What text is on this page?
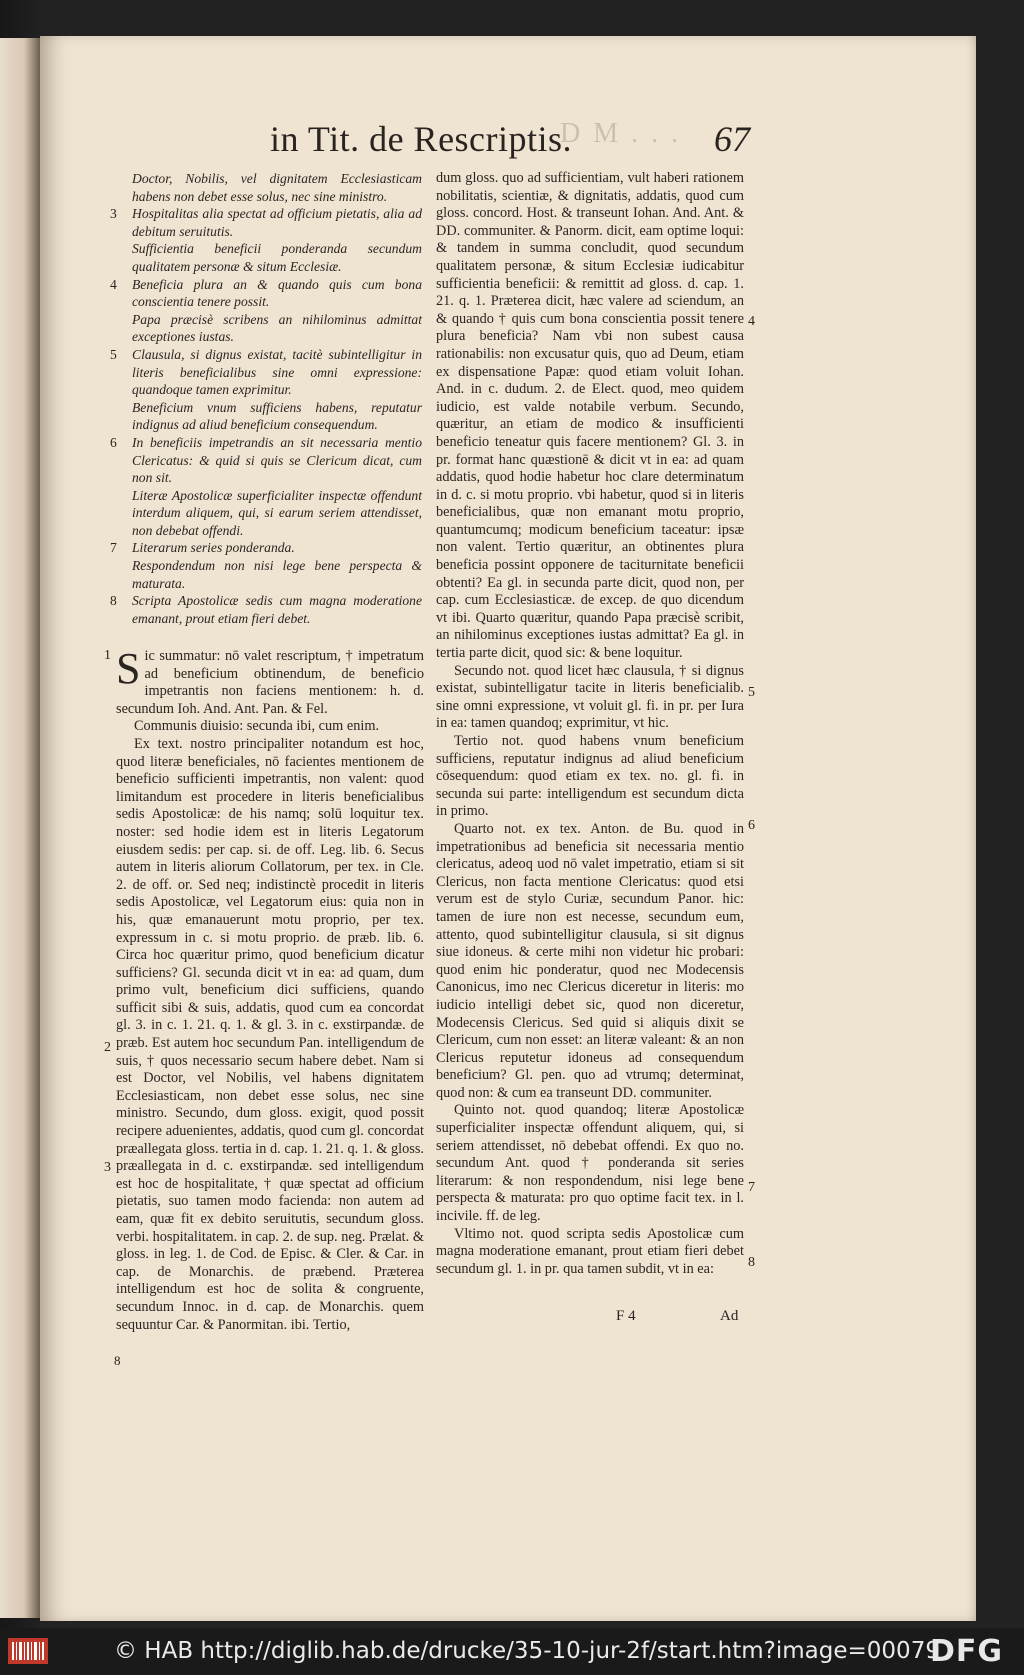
D M . . .
in Tit. de Rescriptis.	67

Doctor, Nobilis, vel dignitatem Ecclesiasticam habens non debet esse solus, nec sine ministro.

3 Hospitalitas alia spectat ad officium pietatis, alia ad debitum seruitutis.

Sufficientia beneficii ponderanda secundum qualitatem personæ & situm Ecclesiæ.

4 Beneficia plura an & quando quis cum bona conscientia tenere possit.

Papa præcisè scribens an nihilominus admittat exceptiones iustas.

5 Clausula, si dignus existat, tacitè subintelligitur in literis beneficialibus sine omni expressione: quandoque tamen exprimitur.

Beneficium vnum sufficiens habens, reputatur indignus ad aliud beneficium consequendum.

6 In beneficiis impetrandis an sit necessaria mentio Clericatus: & quid si quis se Clericum dicat, cum non sit.

Literæ Apostolicæ superficialiter inspectæ offendunt interdum aliquem, qui, si earum seriem attendisset, non debebat offendi.

7 Literarum series ponderanda.

Respondendum non nisi lege bene perspecta & maturata.

8 Scripta Apostolicæ sedis cum magna moderatione emanant, prout etiam fieri debet.

Sic summatur: nō valet rescriptum, † impetratum ad beneficium obtinendum, de beneficio impetrantis non faciens mentionem: h. d. secundum Ioh. And. Ant. Pan. & Fel.

Communis diuisio: secunda ibi, cum enim.

Ex text. nostro principaliter notandum est hoc, quod literæ beneficiales, nō facientes mentionem de beneficio sufficienti impetrantis, non valent: quod limitandum est procedere in literis beneficialibus sedis Apostolicæ: de his namq; solū loquitur tex. noster: sed hodie idem est in literis Legatorum eiusdem sedis: per cap. si. de off. Leg. lib. 6. Secus autem in literis aliorum Collatorum, per tex. in Cle. 2. de off. or. Sed neq; indistinctè procedit in literis sedis Apostolicæ, vel Legatorum eius: quia non in his, quæ emanauerunt motu proprio, per tex. expressum in c. si motu proprio. de præb. lib. 6. Circa hoc quæritur primo, quod beneficium dicatur sufficiens? Gl. secunda dicit vt in ea: ad quam, dum primo vult, beneficium dici sufficiens, quando sufficit sibi & suis, addatis, quod cum ea concordat gl. 3. in c. 1. 21. q. 1. & gl. 3. in c. exstirpandæ. de præb. Est autem hoc secundum Pan. intelligendum de suis, † quos necessario secum habere debet. Nam si est Doctor, vel Nobilis, vel habens dignitatem Ecclesiasticam, non debet esse solus, nec sine ministro. Secundo, dum gloss. exigit, quod possit recipere aduenientes, addatis, quod cum gl. concordat præallegata gloss. tertia in d. cap. 1. 21. q. 1. & gloss. præallegata in d. c. exstirpandæ. sed intelligendum est hoc de hospitalitate, † quæ spectat ad officium pietatis, suo tamen modo facienda: non autem ad eam, quæ fit ex debito seruitutis, secundum gloss. verbi. hospitalitatem. in cap. 2. de sup. neg. Prælat. & gloss. in leg. 1. de Cod. de Episc. & Cler. & Car. in cap. de Monarchis. de præbend. Præterea intelligendum est hoc de solita & congruente, secundum Innoc. in d. cap. de Monarchis. quem sequuntur Car. & Panormitan. ibi. Tertio,

dum gloss. quo ad sufficientiam, vult haberi rationem nobilitatis, scientiæ, & dignitatis, addatis, quod cum gloss. concord. Host. & transeunt Iohan. And. Ant. & DD. communiter. & Panorm. dicit, eam optime loqui: & tandem in summa concludit, quod secundum qualitatem personæ, & situm Ecclesiæ iudicabitur sufficientia beneficii: & remittit ad gloss. d. cap. 1. 21. q. 1. Præterea dicit, hæc valere ad sciendum, an & quando † quis cum bona conscientia possit tenere plura beneficia? Nam vbi non subest causa rationabilis: non excusatur quis, quo ad Deum, etiam ex dispensatione Papæ: quod etiam voluit Iohan. And. in c. dudum. 2. de Elect. quod, meo quidem iudicio, est valde notabile verbum. Secundo, quæritur, an etiam de modico & insufficienti beneficio teneatur quis facere mentionem? Gl. 3. in pr. format hanc quæstionē & dicit vt in ea: ad quam addatis, quod hodie habetur hoc clare determinatum in d. c. si motu proprio. vbi habetur, quod si in literis beneficialibus, quæ non emanant motu proprio, quantumcumq; modicum beneficium taceatur: ipsæ non valent. Tertio quæritur, an obtinentes plura beneficia possint opponere de taciturnitate beneficii obtenti? Ea gl. in secunda parte dicit, quod non, per cap. cum Ecclesiasticæ. de excep. de quo dicendum vt ibi. Quarto quæritur, quando Papa præcisè scribit, an nihilominus exceptiones iustas admittat? Ea gl. in tertia parte dicit, quod sic: & bene loquitur.

Secundo not. quod licet hæc clausula, † si dignus existat, subintelligatur tacite in literis beneficialib. sine omni expressione, vt voluit gl. fi. in pr. per Iura in ea: tamen quandoq; exprimitur, vt hic.

Tertio not. quod habens vnum beneficium sufficiens, reputatur indignus ad aliud beneficium cōsequendum: quod etiam ex tex. no. gl. fi. in secunda sui parte: intelligendum est secundum dicta in primo.

Quarto not. ex tex. Anton. de Bu. quod in impetrationibus ad beneficia sit necessaria mentio clericatus, adeoq uod nō valet impetratio, etiam si sit Clericus, non facta mentione Clericatus: quod etsi verum est de stylo Curiæ, secundum Panor. hic: tamen de iure non est necesse, secundum eum, attento, quod subintelligitur clausula, si sit dignus siue idoneus. & certe mihi non videtur hic probari: quod enim hic ponderatur, quod nec Modecensis Canonicus, imo nec Clericus diceretur in literis: mo iudicio intelligi debet sic, quod non diceretur, Modecensis Clericus. Sed quid si aliquis dixit se Clericum, cum non esset: an literæ valeant: & an non Clericus reputetur idoneus ad consequendum beneficium? Gl. pen. quo ad vtrumq; determinat, quod non: & cum ea transeunt DD. communiter.

Quinto not. quod quandoq; literæ Apostolicæ superficialiter inspectæ offendunt aliquem, qui, si seriem attendisset, nō debebat offendi. Ex quo no. secundum Ant. quod † ponderanda sit series literarum: & non respondendum, nisi lege bene perspecta & maturata: pro quo optime facit tex. in l. incivile. ff. de leg.

Vltimo not. quod scripta sedis Apostolicæ cum magna moderatione emanant, prout etiam fieri debet secundum gl. 1. in pr. qua tamen subdit, vt in ea:

1
2
3
8
4
5
6
7
8
F 4	Ad
© HAB http://diglib.hab.de/drucke/35-10-jur-2f/start.htm?image=00079
DFG
